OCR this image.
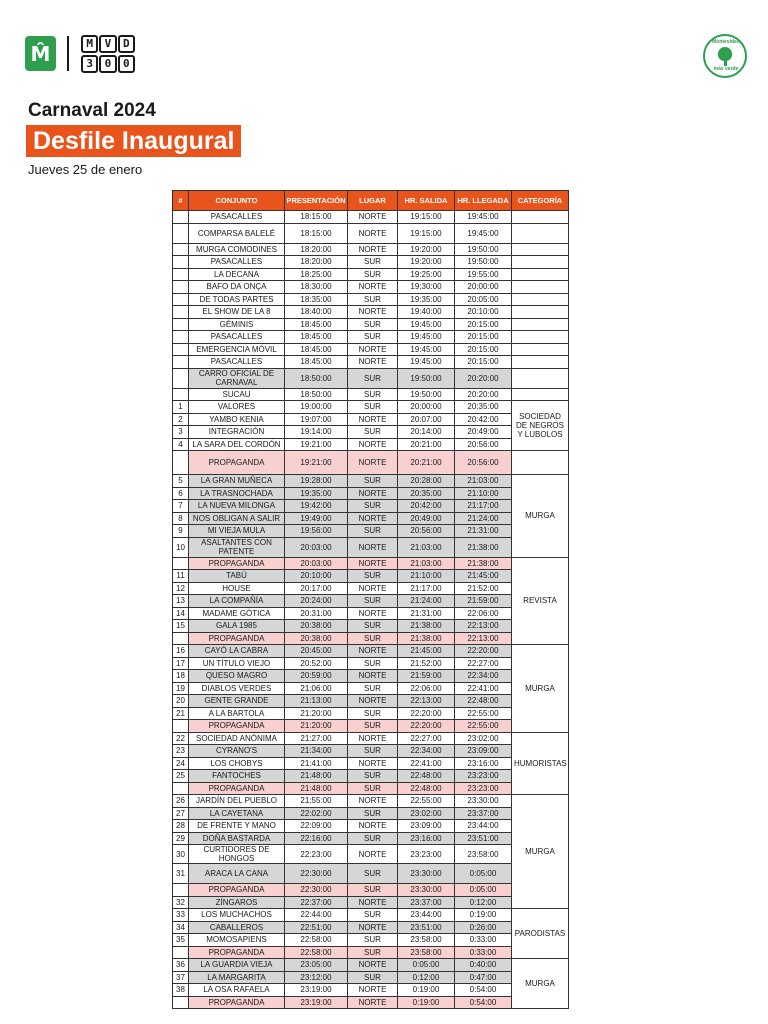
M̂	M	V	D
3	0	0
Montevideo
más verde
Carnaval 2024
Desfile Inaugural
Jueves 25 de enero
#	CONJUNTO	PRESENTACIÓN	LUGAR	HR. SALIDA	HR. LLEGADA	CATEGORÍA
	PASACALLES	18:15:00	NORTE	19:15:00	19:45:00	
	COMPARSA BALELÉ	18:15:00	NORTE	19:15:00	19:45:00	
	MURGA COMODINES	18:20:00	NORTE	19:20:00	19:50:00	
	PASACALLES	18:20:00	SUR	19:20:00	19:50:00	
	LA DECANA	18:25:00	SUR	19:25:00	19:55:00	
	BAFO DA ONÇA	18:30:00	NORTE	19:30:00	20:00:00	
	DE TODAS PARTES	18:35:00	SUR	19:35:00	20:05:00	
	EL SHOW DE LA 8	18:40:00	NORTE	19:40:00	20:10:00	
	GÉMINIS	18:45:00	SUR	19:45:00	20:15:00	
	PASACALLES	18:45:00	SUR	19:45:00	20:15:00	
	EMERGENCIA MÓVIL	18:45:00	NORTE	19:45:00	20:15:00	
	PASACALLES	18:45:00	NORTE	19:45:00	20:15:00	
	CARRO OFICIAL DE CARNAVAL	18:50:00	SUR	19:50:00	20:20:00	
	SUCAU	18:50:00	SUR	19:50:00	20:20:00	
1	VALORES	19:00:00	SUR	20:00:00	20:35:00	SOCIEDAD DE NEGROS Y LUBOLOS
2	YAMBO KENIA	19:07:00	NORTE	20:07:00	20:42:00	
3	INTEGRACIÓN	19:14:00	SUR	20:14:00	20:49:00	
4	LA SARA DEL CORDÓN	19:21:00	NORTE	20:21:00	20:56:00	
	PROPAGANDA	19:21:00	NORTE	20:21:00	20:56:00	
5	LA GRAN MUÑECA	19:28:00	SUR	20:28:00	21:03:00	MURGA
6	LA TRASNOCHADA	19:35:00	NORTE	20:35:00	21:10:00	
7	LA NUEVA MILONGA	19:42:00	SUR	20:42:00	21:17:00	
8	NOS OBLIGAN A SALIR	19:49:00	NORTE	20:49:00	21:24:00	
9	MI VIEJA MULA	19:56:00	SUR	20:56:00	21:31:00	
10	ASALTANTES CON PATENTE	20:03:00	NORTE	21:03:00	21:38:00	
	PROPAGANDA	20:03:00	NORTE	21:03:00	21:38:00	REVISTA
11	TABÚ	20:10:00	SUR	21:10:00	21:45:00	
12	HOUSE	20:17:00	NORTE	21:17:00	21:52:00	
13	LA COMPAÑÍA	20:24:00	SUR	21:24:00	21:59:00	
14	MADAME GÓTICA	20:31:00	NORTE	21:31:00	22:06:00	
15	GALA 1985	20:38:00	SUR	21:38:00	22:13:00	
	PROPAGANDA	20:38:00	SUR	21:38:00	22:13:00	
16	CAYÓ LA CABRA	20:45:00	NORTE	21:45:00	22:20:00	MURGA
17	UN TÍTULO VIEJO	20:52:00	SUR	21:52:00	22:27:00	
18	QUESO MAGRO	20:59:00	NORTE	21:59:00	22:34:00	
19	DIABLOS VERDES	21:06:00	SUR	22:06:00	22:41:00	
20	GENTE GRANDE	21:13:00	NORTE	22:13:00	22:48:00	
21	A LA BARTOLA	21:20:00	SUR	22:20:00	22:55:00	
	PROPAGANDA	21:20:00	SUR	22:20:00	22:55:00	
22	SOCIEDAD ANÓNIMA	21:27:00	NORTE	22:27:00	23:02:00	HUMORISTAS
23	CYRANO'S	21:34:00	SUR	22:34:00	23:09:00	
24	LOS CHOBYS	21:41:00	NORTE	22:41:00	23:16:00	
25	FANTOCHES	21:48:00	SUR	22:48:00	23:23:00	
	PROPAGANDA	21:48:00	SUR	22:48:00	23:23:00	
26	JARDÍN DEL PUEBLO	21:55:00	NORTE	22:55:00	23:30:00	MURGA
27	LA CAYETANA	22:02:00	SUR	23:02:00	23:37:00	
28	DE FRENTE Y MANO	22:09:00	NORTE	23:09:00	23:44:00	
29	DOÑA BASTARDA	22:16:00	SUR	23:16:00	23:51:00	
30	CURTIDORES DE HONGOS	22:23:00	NORTE	23:23:00	23:58:00	
31	ARACA LA CANA	22:30:00	SUR	23:30:00	0:05:00	
	PROPAGANDA	22:30:00	SUR	23:30:00	0:05:00	
32	ZÍNGAROS	22:37:00	NORTE	23:37:00	0:12:00	
33	LOS MUCHACHOS	22:44:00	SUR	23:44:00	0:19:00	PARODISTAS
34	CABALLEROS	22:51:00	NORTE	23:51:00	0:26:00	
35	MOMOSAPIENS	22:58:00	SUR	23:58:00	0:33:00	
	PROPAGANDA	22:58:00	SUR	23:58:00	0:33:00	
36	LA GUARDIA VIEJA	23:05:00	NORTE	0:05:00	0:40:00	MURGA
37	LA MARGARITA	23:12:00	SUR	0:12:00	0:47:00	
38	LA OSA RAFAELA	23:19:00	NORTE	0:19:00	0:54:00	
	PROPAGANDA	23:19:00	NORTE	0:19:00	0:54:00	
